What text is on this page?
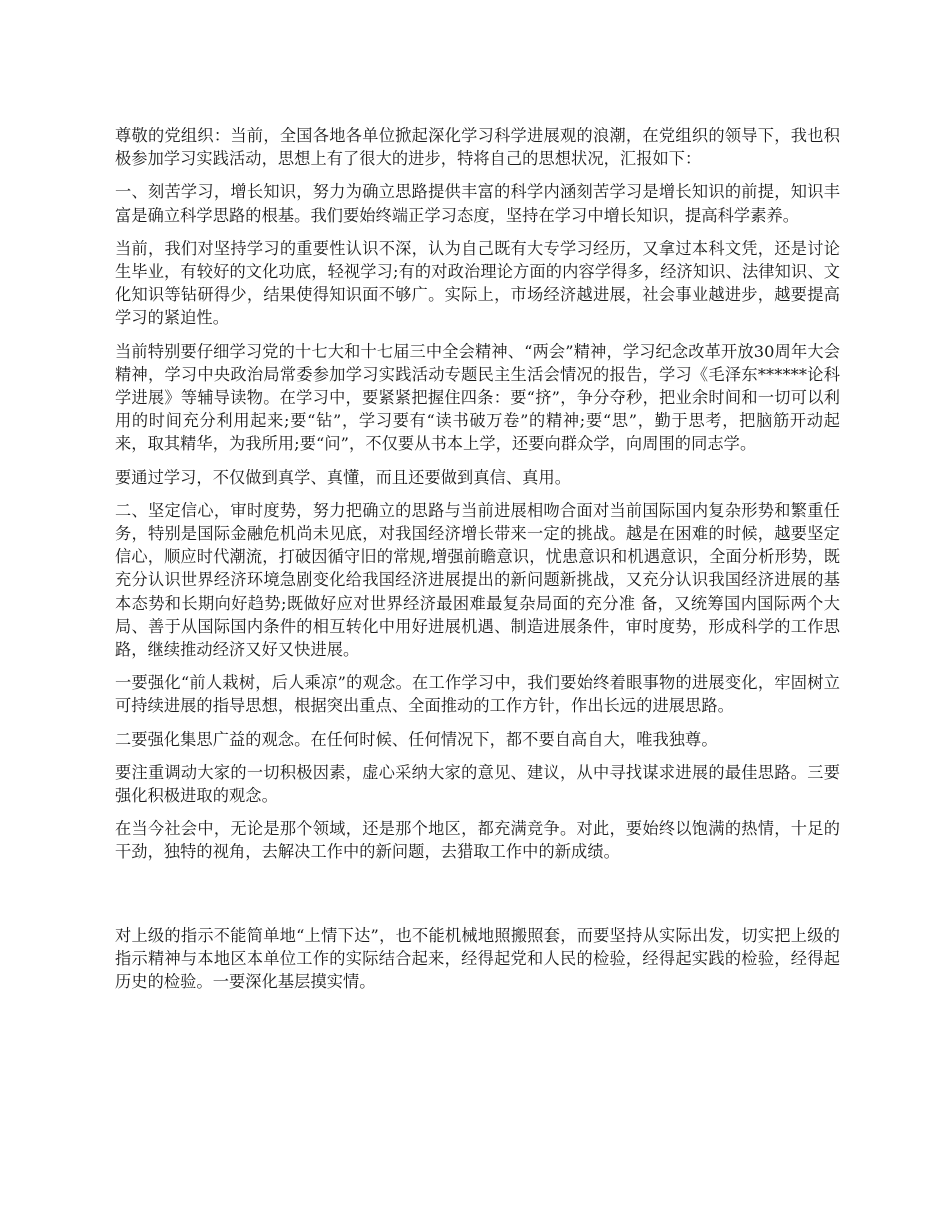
尊敬的党组织：当前，全国各地各单位掀起深化学习科学进展观的浪潮，在党组织的领导下，我也积极参加学习实践活动，思想上有了很大的进步，特将自己的思想状况，汇报如下：

一、刻苦学习，增长知识，努力为确立思路提供丰富的科学内涵刻苦学习是增长知识的前提，知识丰富是确立科学思路的根基。我们要始终端正学习态度，坚持在学习中增长知识，提高科学素养。

当前，我们对坚持学习的重要性认识不深，认为自己既有大专学习经历，又拿过本科文凭，还是讨论生毕业，有较好的文化功底，轻视学习;有的对政治理论方面的内容学得多，经济知识、法律知识、文化知识等钻研得少，结果使得知识面不够广。实际上，市场经济越进展，社会事业越进步，越要提高学习的紧迫性。

当前特别要仔细学习党的十七大和十七届三中全会精神、“两会”精神，学习纪念改革开放30周年大会精神，学习中央政治局常委参加学习实践活动专题民主生活会情况的报告，学习《毛泽东******论科学进展》等辅导读物。在学习中，要紧紧把握住四条：要“挤”，争分夺秒，把业余时间和一切可以利用的时间充分利用起来;要“钻”，学习要有“读书破万卷”的精神;要“思”，勤于思考，把脑筋开动起来，取其精华，为我所用;要“问”，不仅要从书本上学，还要向群众学，向周围的同志学。

要通过学习，不仅做到真学、真懂，而且还要做到真信、真用。

二、坚定信心，审时度势，努力把确立的思路与当前进展相吻合面对当前国际国内复杂形势和繁重任务，特别是国际金融危机尚未见底，对我国经济增长带来一定的挑战。越是在困难的时候，越要坚定信心，顺应时代潮流，打破因循守旧的常规,增强前瞻意识，忧患意识和机遇意识，全面分析形势，既充分认识世界经济环境急剧变化给我国经济进展提出的新问题新挑战，又充分认识我国经济进展的基本态势和长期向好趋势;既做好应对世界经济最困难最复杂局面的充分准 备，又统筹国内国际两个大局、善于从国际国内条件的相互转化中用好进展机遇、制造进展条件，审时度势，形成科学的工作思路，继续推动经济又好又快进展。

一要强化“前人栽树，后人乘凉”的观念。在工作学习中，我们要始终着眼事物的进展变化，牢固树立可持续进展的指导思想，根据突出重点、全面推动的工作方针，作出长远的进展思路。

二要强化集思广益的观念。在任何时候、任何情况下，都不要自高自大，唯我独尊。

要注重调动大家的一切积极因素，虚心采纳大家的意见、建议，从中寻找谋求进展的最佳思路。三要强化积极进取的观念。

在当今社会中，无论是那个领域，还是那个地区，都充满竞争。对此，要始终以饱满的热情，十足的干劲，独特的视角，去解决工作中的新问题，去猎取工作中的新成绩。

对上级的指示不能简单地“上情下达”，也不能机械地照搬照套，而要坚持从实际出发，切实把上级的指示精神与本地区本单位工作的实际结合起来，经得起党和人民的检验，经得起实践的检验，经得起历史的检验。一要深化基层摸实情。
